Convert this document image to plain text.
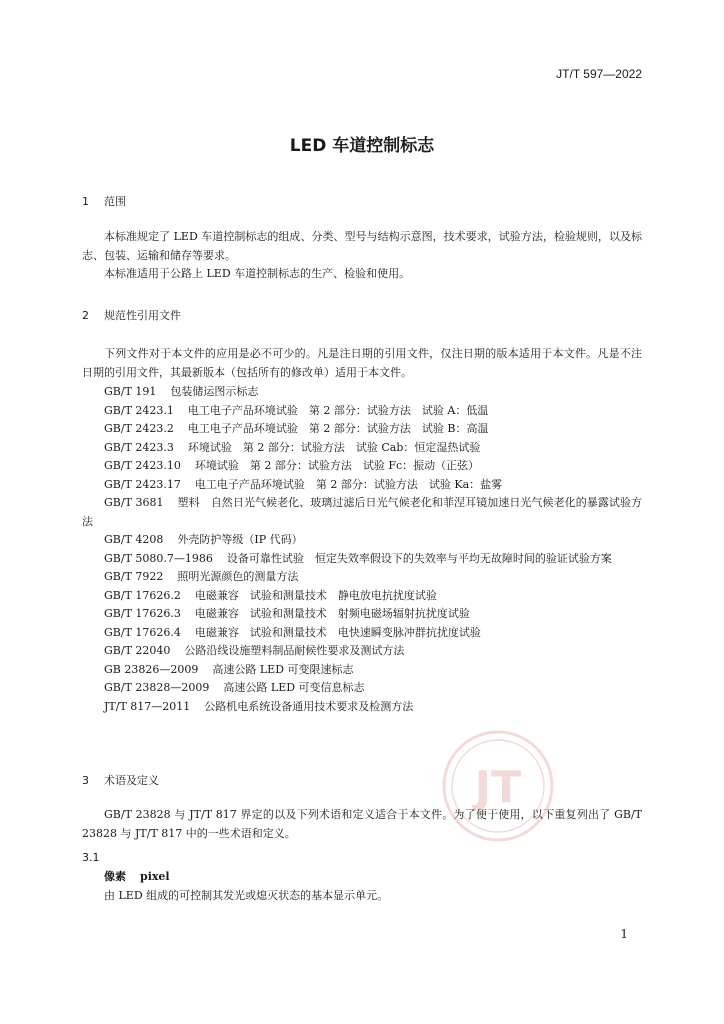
JT/T 597—2022
LED 车道控制标志
1 范围
本标准规定了 LED 车道控制标志的组成、分类、型号与结构示意图，技术要求，试验方法，检验规则，以及标志、包装、运输和储存等要求。
本标准适用于公路上 LED 车道控制标志的生产、检验和使用。
2 规范性引用文件
下列文件对于本文件的应用是必不可少的。凡是注日期的引用文件，仅注日期的版本适用于本文件。凡是不注日期的引用文件，其最新版本（包括所有的修改单）适用于本文件。
GB/T 191 包装储运图示标志
GB/T 2423.1 电工电子产品环境试验　第 2 部分：试验方法　试验 A：低温
GB/T 2423.2 电工电子产品环境试验　第 2 部分：试验方法　试验 B：高温
GB/T 2423.3 环境试验　第 2 部分：试验方法　试验 Cab：恒定湿热试验
GB/T 2423.10 环境试验　第 2 部分：试验方法　试验 Fc：振动（正弦）
GB/T 2423.17 电工电子产品环境试验　第 2 部分：试验方法　试验 Ka：盐雾
GB/T 3681 塑料　自然日光气候老化、玻璃过滤后日光气候老化和菲涅耳镜加速日光气候老化的暴露试验方法
GB/T 4208 外壳防护等级（IP 代码）
GB/T 5080.7—1986 设备可靠性试验　恒定失效率假设下的失效率与平均无故障时间的验证试验方案
GB/T 7922 照明光源颜色的测量方法
GB/T 17626.2 电磁兼容　试验和测量技术　静电放电抗扰度试验
GB/T 17626.3 电磁兼容　试验和测量技术　射频电磁场辐射抗扰度试验
GB/T 17626.4 电磁兼容　试验和测量技术　电快速瞬变脉冲群抗扰度试验
GB/T 22040 公路沿线设施塑料制品耐候性要求及测试方法
GB 23826—2009 高速公路 LED 可变限速标志
GB/T 23828—2009 高速公路 LED 可变信息标志
JT/T 817—2011 公路机电系统设备通用技术要求及检测方法
JT
3 术语及定义
GB/T 23828 与 JT/T 817 界定的以及下列术语和定义适合于本文件。为了便于使用，以下重复列出了 GB/T 23828 与 JT/T 817 中的一些术语和定义。
3.1
像素 pixel
由 LED 组成的可控制其发光或熄灭状态的基本显示单元。
1
